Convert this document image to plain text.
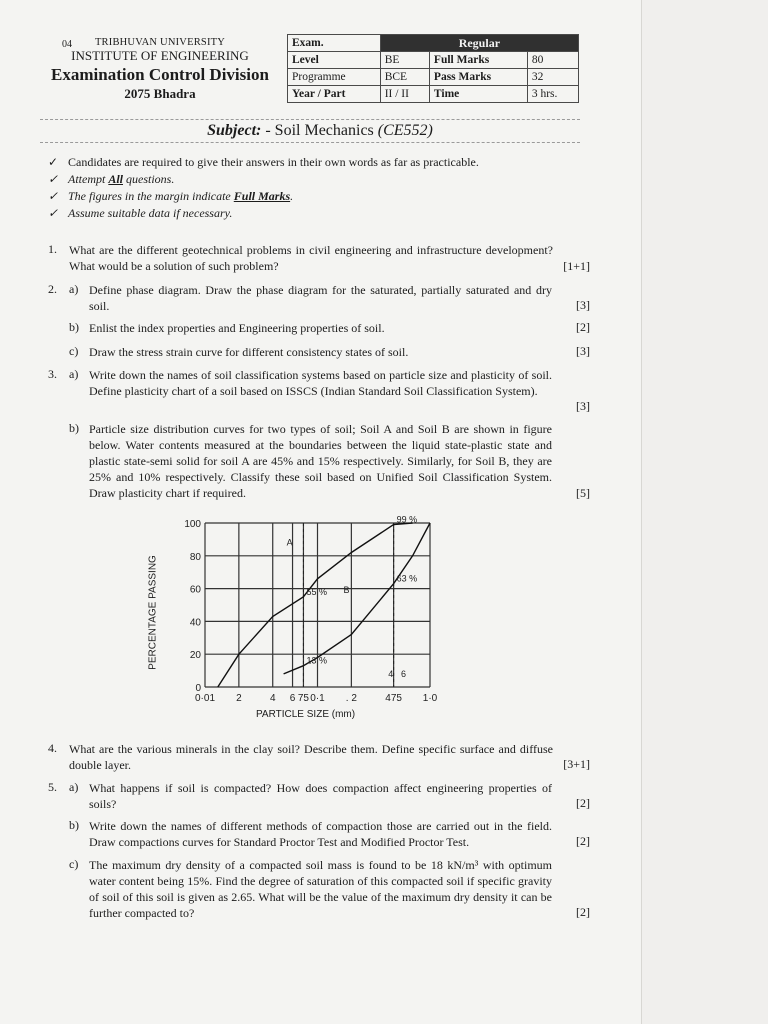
04	TRIBHUVAN UNIVERSITY
INSTITUTE OF ENGINEERING
Examination Control Division
2075 Bhadra
Exam.	Regular		
Level	BE	Full Marks	80
Programme	BCE	Pass Marks	32
Year / Part	II / II	Time	3 hrs.
Subject: - Soil Mechanics (CE552)
✓ Candidates are required to give their answers in their own words as far as practicable.
✓ Attempt All questions.
✓ The figures in the margin indicate Full Marks.
✓ Assume suitable data if necessary.
1. What are the different geotechnical problems in civil engineering and infrastructure development? What would be a solution of such problem?	[1+1]
2. a) Define phase diagram. Draw the phase diagram for the saturated, partially saturated and dry soil.	[3]
b) Enlist the index properties and Engineering properties of soil.	[2]
c) Draw the stress strain curve for different consistency states of soil.	[3]
3. a) Write down the names of soil classification systems based on particle size and plasticity of soil. Define plasticity chart of a soil based on ISSCS (Indian Standard Soil Classification System).
[3]
b) Particle size distribution curves for two types of soil; Soil A and Soil B are shown in figure below. Water contents measured at the boundaries between the liquid state-plastic state and plastic state-semi solid for soil A are 45% and 15% respectively. Similarly, for Soil B, they are 25% and 10% respectively. Classify these soil based on Unified Soil Classification System. Draw plasticity chart if required.	[5]
0
20
40
60
80
100
0·01 2	4 6 75 0·1 . 2	475 1·0
99 %
63 %
55 %
13 %
A
B
4 6
PARTICLE SIZE (mm)
PERCENTAGE PASSING
4. What are the various minerals in the clay soil? Describe them. Define specific surface and diffuse double layer.	[3+1]
5. a) What happens if soil is compacted? How does compaction affect engineering properties of soils?	[2]
b) Write down the names of different methods of compaction those are carried out in the field. Draw compactions curves for Standard Proctor Test and Modified Proctor Test.	[2]
c) The maximum dry density of a compacted soil mass is found to be 18 kN/m³ with optimum water content being 15%. Find the degree of saturation of this compacted soil if specific gravity of soil of this soil is given as 2.65. What will be the value of the maximum dry density it can be further compacted to?	[2]
